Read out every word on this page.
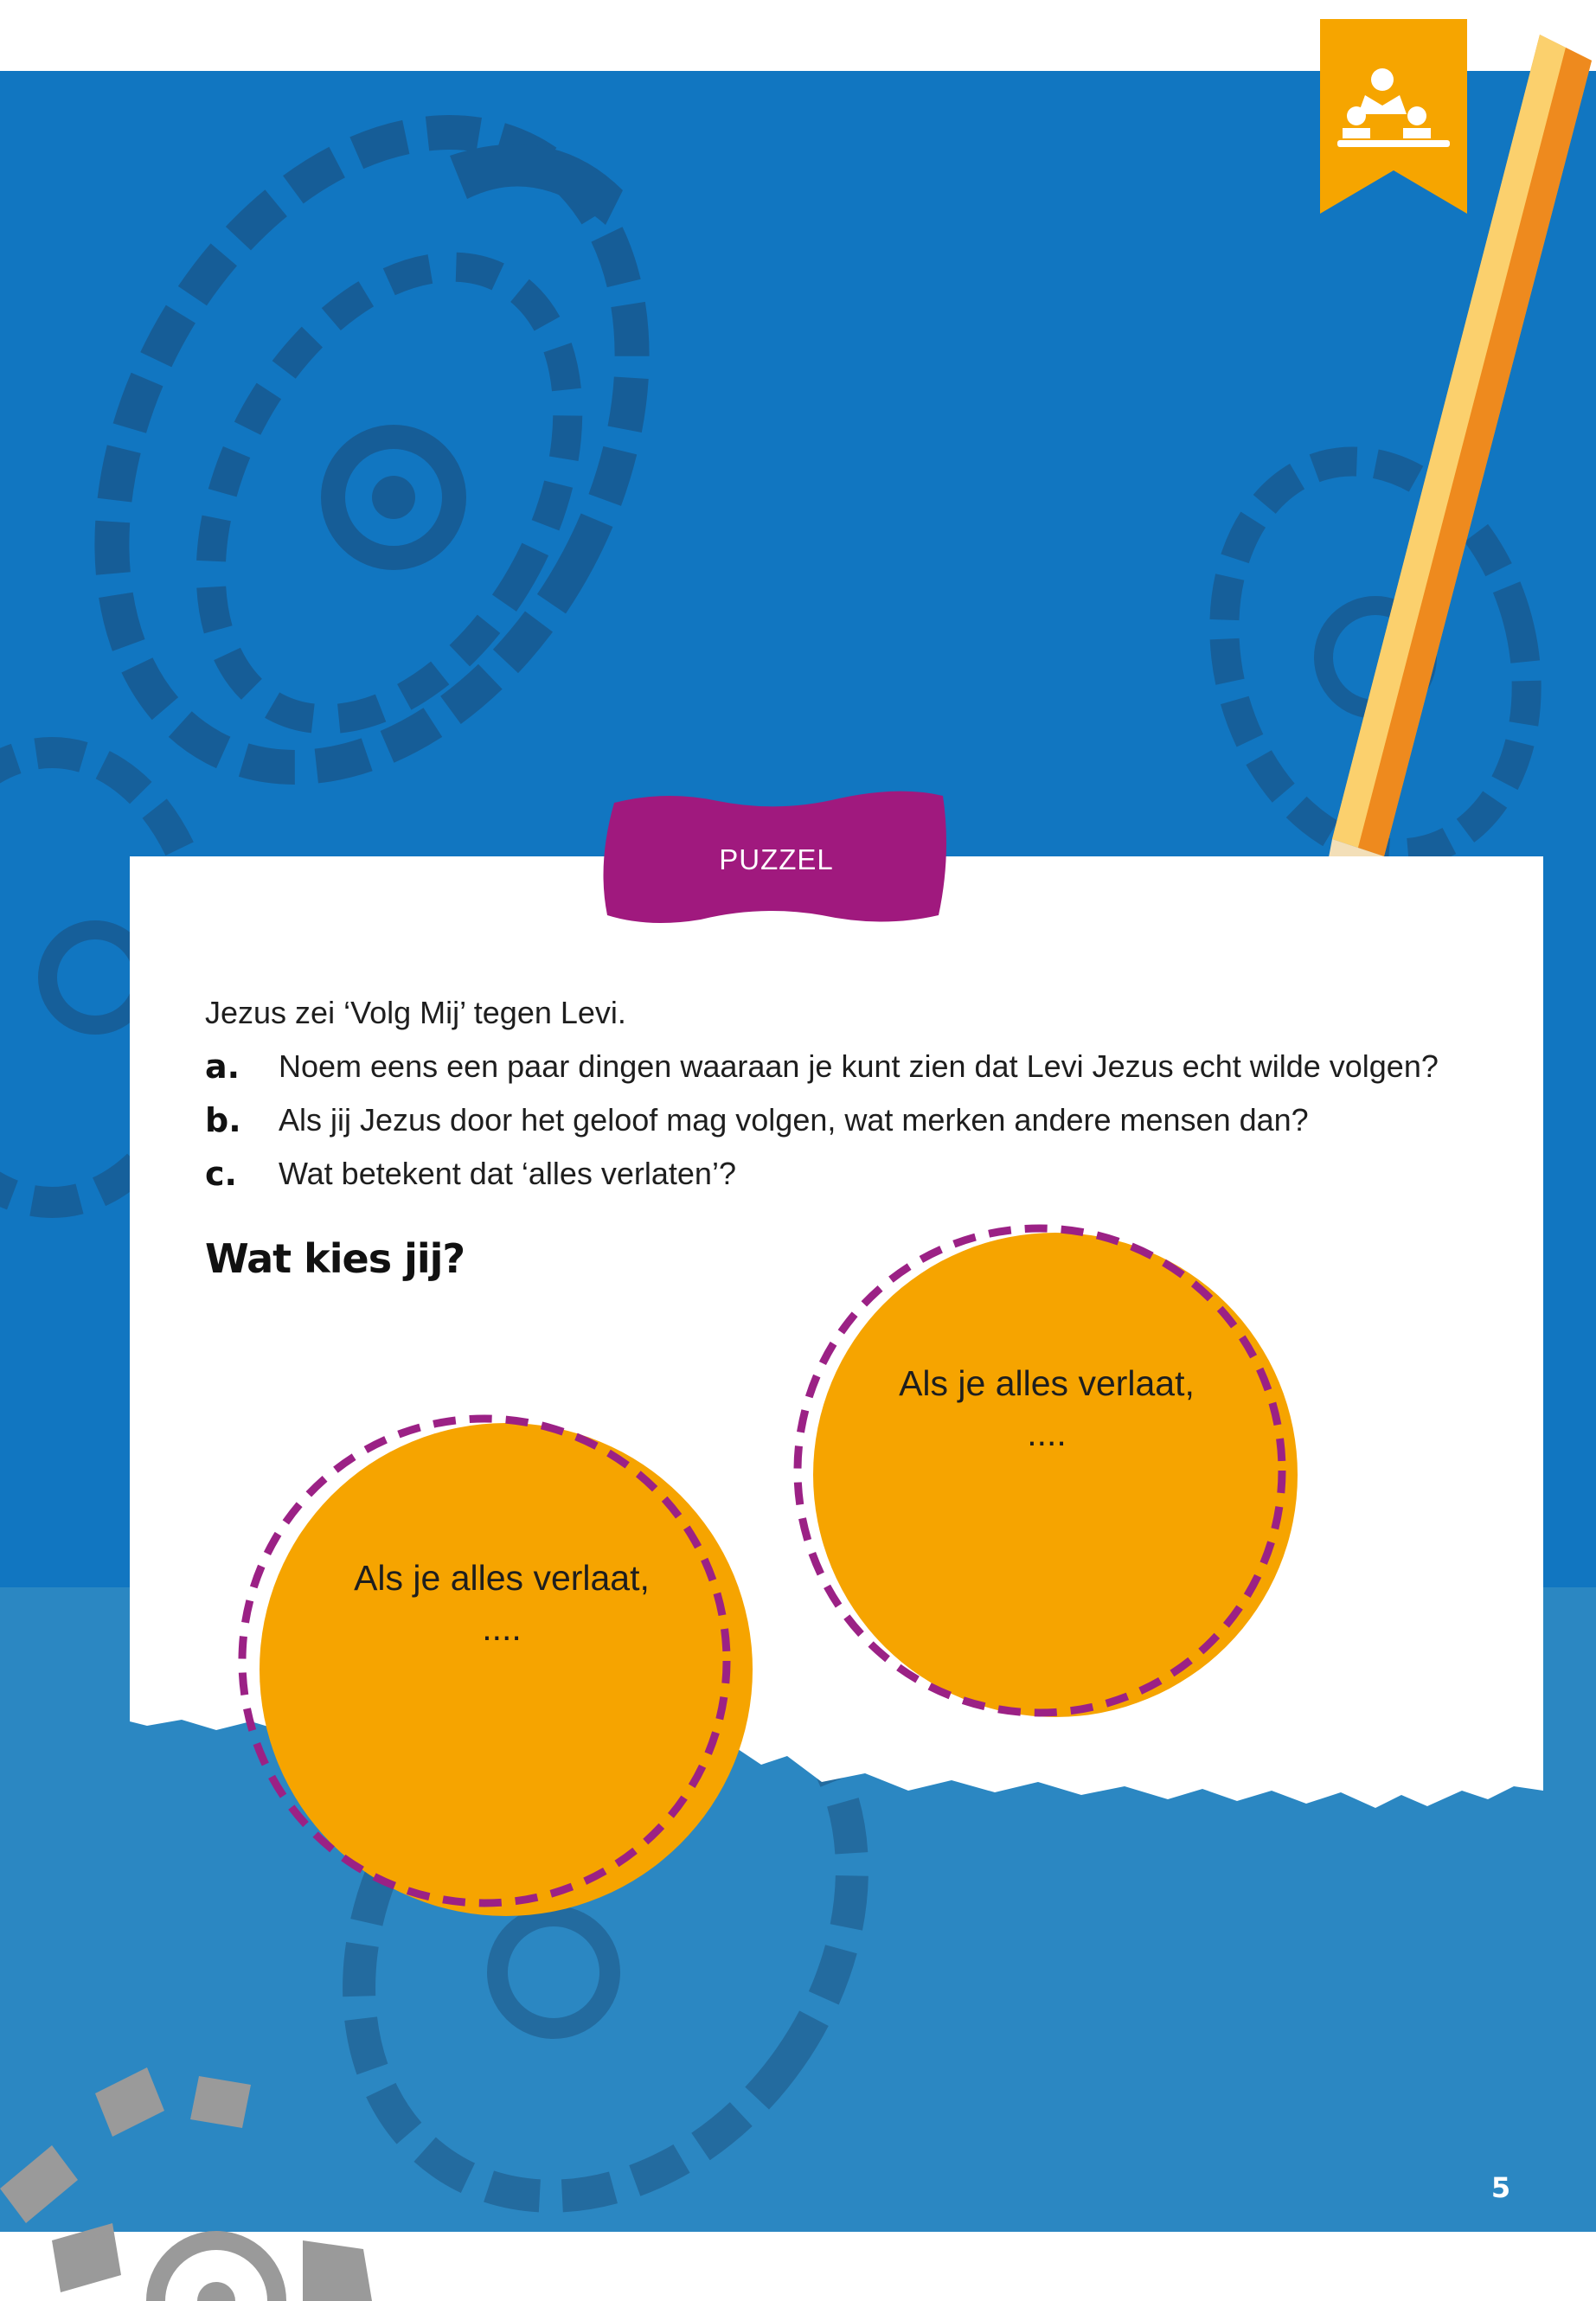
PUZZEL

Jezus zei ‘Volg Mij’ tegen Levi.

a. Noem eens een paar dingen waaraan je kunt zien dat Levi Jezus echt wilde volgen?
b. Als jij Jezus door het geloof mag volgen, wat merken andere mensen dan?
c. Wat betekent dat ‘alles verlaten’?
Wat kies jij?
Als je alles verlaat,
....
Als je alles verlaat,
....
5
